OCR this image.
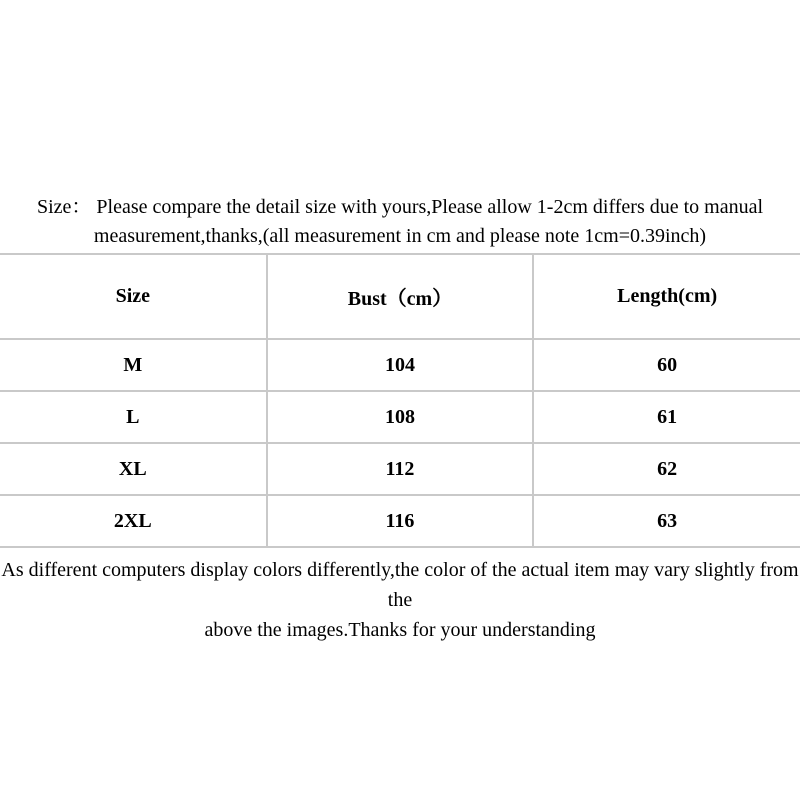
Size： Please compare the detail size with yours,Please allow 1-2cm differs due to manual
measurement,thanks,(all measurement in cm and please note 1cm=0.39inch)
Size	Bust（cm）	Length(cm)
M	104	60
L	108	61
XL	112	62
2XL	116	63
As different computers display colors differently,the color of the actual item may vary slightly from the
above the images.Thanks for your understanding
